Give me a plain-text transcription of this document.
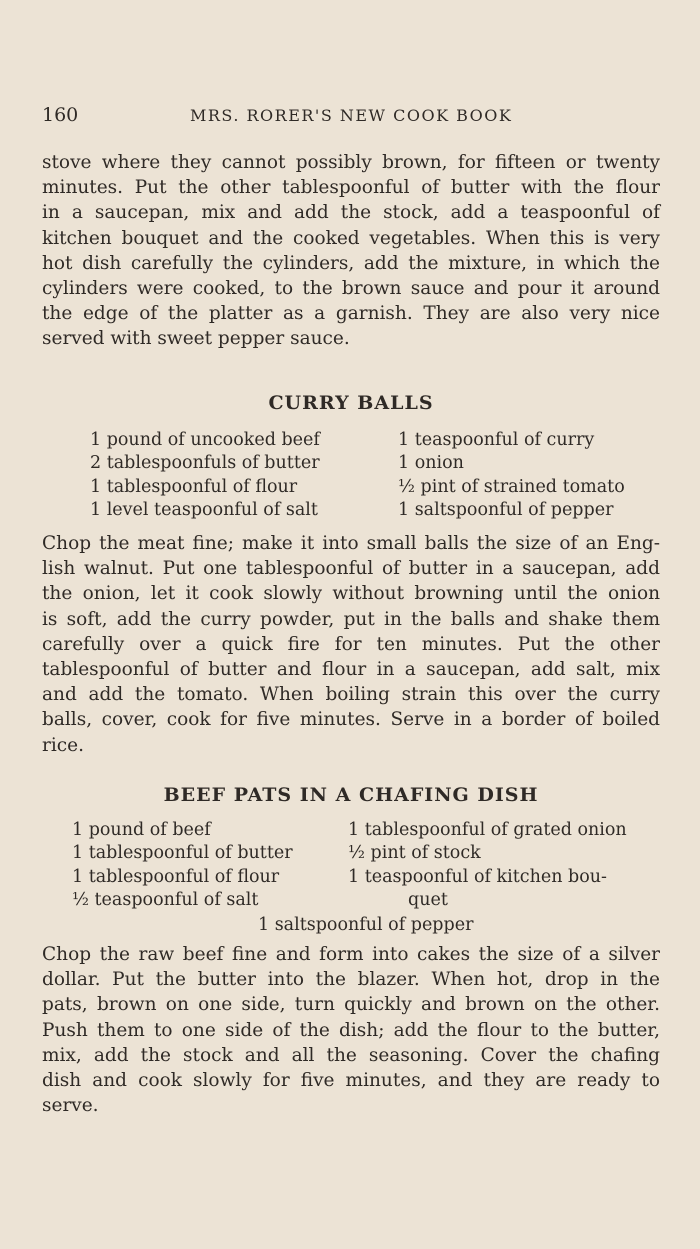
160	MRS. RORER'S NEW COOK BOOK
stove where they cannot possibly brown, for fifteen or twenty
minutes. Put the other tablespoonful of butter with the flour
in a saucepan, mix and add the stock, add a teaspoonful of
kitchen bouquet and the cooked vegetables. When this is very
hot dish carefully the cylinders, add the mixture, in which the
cylinders were cooked, to the brown sauce and pour it around
the edge of the platter as a garnish. They are also very nice
served with sweet pepper sauce.
CURRY BALLS
1 pound of uncooked beef
2 tablespoonfuls of butter
1 tablespoonful of flour
1 level teaspoonful of salt
1 teaspoonful of curry
1 onion
½ pint of strained tomato
1 saltspoonful of pepper
Chop the meat fine; make it into small balls the size of an Eng-
lish walnut. Put one tablespoonful of butter in a saucepan, add
the onion, let it cook slowly without browning until the onion
is soft, add the curry powder, put in the balls and shake them
carefully over a quick fire for ten minutes. Put the other
tablespoonful of butter and flour in a saucepan, add salt, mix
and add the tomato. When boiling strain this over the curry
balls, cover, cook for five minutes. Serve in a border of boiled
rice.
BEEF PATS IN A CHAFING DISH
1 pound of beef
1 tablespoonful of butter
1 tablespoonful of flour
½ teaspoonful of salt
1 tablespoonful of grated onion
½ pint of stock
1 teaspoonful of kitchen bou-
quet
1 saltspoonful of pepper
Chop the raw beef fine and form into cakes the size of a silver
dollar. Put the butter into the blazer. When hot, drop in the
pats, brown on one side, turn quickly and brown on the other.
Push them to one side of the dish; add the flour to the butter,
mix, add the stock and all the seasoning. Cover the chafing
dish and cook slowly for five minutes, and they are ready to
serve.
